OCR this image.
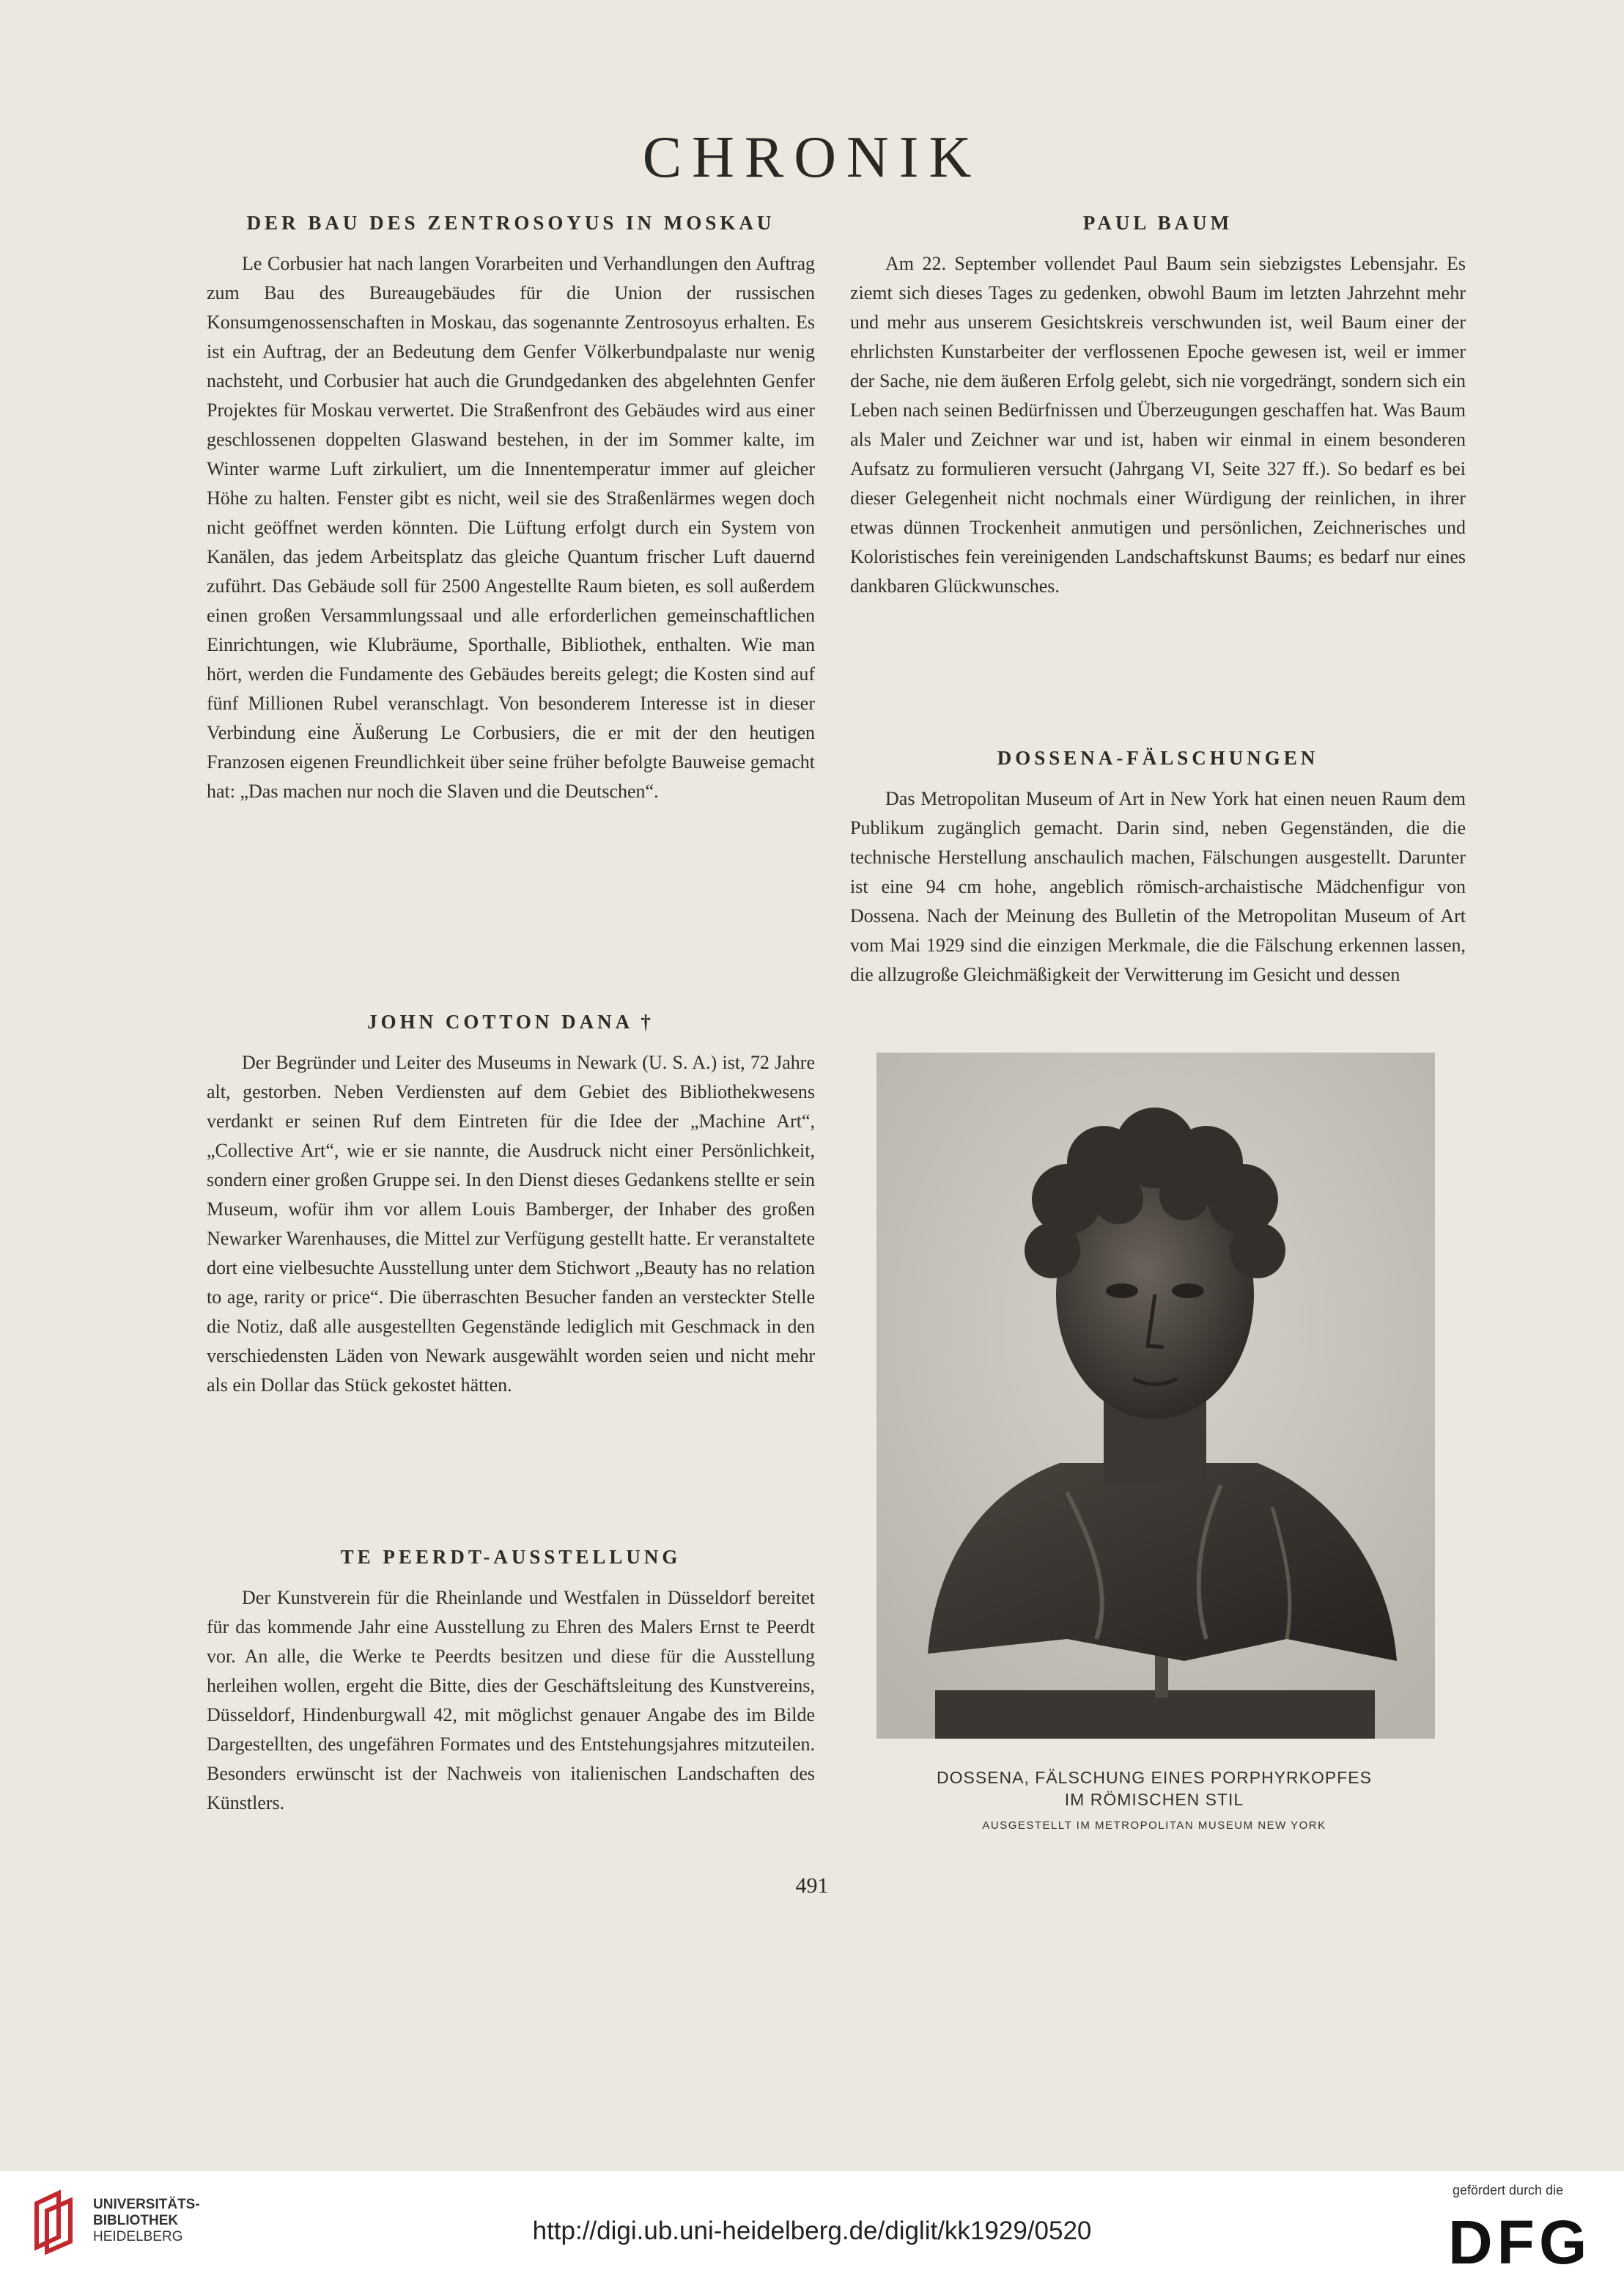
CHRONIK
DER BAU DES ZENTROSOYUS IN MOSKAU

Le Corbusier hat nach langen Vorarbeiten und Verhandlungen den Auftrag zum Bau des Bureaugebäudes für die Union der russischen Konsumgenossenschaften in Moskau, das sogenannte Zentrosoyus erhalten. Es ist ein Auftrag, der an Bedeutung dem Genfer Völkerbundpalaste nur wenig nachsteht, und Corbusier hat auch die Grundgedanken des abgelehnten Genfer Projektes für Moskau verwertet. Die Straßenfront des Gebäudes wird aus einer geschlossenen doppelten Glaswand bestehen, in der im Sommer kalte, im Winter warme Luft zirkuliert, um die Innentemperatur immer auf gleicher Höhe zu halten. Fenster gibt es nicht, weil sie des Straßenlärmes wegen doch nicht geöffnet werden könnten. Die Lüftung erfolgt durch ein System von Kanälen, das jedem Arbeitsplatz das gleiche Quantum frischer Luft dauernd zuführt. Das Gebäude soll für 2500 Angestellte Raum bieten, es soll außerdem einen großen Versammlungssaal und alle erforderlichen gemeinschaftlichen Einrichtungen, wie Klubräume, Sporthalle, Bibliothek, enthalten. Wie man hört, werden die Fundamente des Gebäudes bereits gelegt; die Kosten sind auf fünf Millionen Rubel veranschlagt. Von besonderem Interesse ist in dieser Verbindung eine Äußerung Le Corbusiers, die er mit der den heutigen Franzosen eigenen Freundlichkeit über seine früher befolgte Bauweise gemacht hat: „Das machen nur noch die Slaven und die Deutschen“.

JOHN COTTON DANA †

Der Begründer und Leiter des Museums in Newark (U. S. A.) ist, 72 Jahre alt, gestorben. Neben Verdiensten auf dem Gebiet des Bibliothekwesens verdankt er seinen Ruf dem Eintreten für die Idee der „Machine Art“, „Collective Art“, wie er sie nannte, die Ausdruck nicht einer Persönlichkeit, sondern einer großen Gruppe sei. In den Dienst dieses Gedankens stellte er sein Museum, wofür ihm vor allem Louis Bamberger, der Inhaber des großen Newarker Warenhauses, die Mittel zur Verfügung gestellt hatte. Er veranstaltete dort eine vielbesuchte Ausstellung unter dem Stichwort „Beauty has no relation to age, rarity or price“. Die überraschten Besucher fanden an versteckter Stelle die Notiz, daß alle ausgestellten Gegenstände lediglich mit Geschmack in den verschiedensten Läden von Newark ausgewählt worden seien und nicht mehr als ein Dollar das Stück gekostet hätten.

TE PEERDT-AUSSTELLUNG

Der Kunstverein für die Rheinlande und Westfalen in Düsseldorf bereitet für das kommende Jahr eine Ausstellung zu Ehren des Malers Ernst te Peerdt vor. An alle, die Werke te Peerdts besitzen und diese für die Ausstellung herleihen wollen, ergeht die Bitte, dies der Geschäftsleitung des Kunstvereins, Düsseldorf, Hindenburgwall 42, mit möglichst genauer Angabe des im Bilde Dargestellten, des ungefähren Formates und des Entstehungsjahres mitzuteilen. Besonders erwünscht ist der Nachweis von italienischen Landschaften des Künstlers.

PAUL BAUM

Am 22. September vollendet Paul Baum sein siebzigstes Lebensjahr. Es ziemt sich dieses Tages zu gedenken, obwohl Baum im letzten Jahrzehnt mehr und mehr aus unserem Gesichtskreis verschwunden ist, weil Baum einer der ehrlichsten Kunstarbeiter der verflossenen Epoche gewesen ist, weil er immer der Sache, nie dem äußeren Erfolg gelebt, sich nie vorgedrängt, sondern sich ein Leben nach seinen Bedürfnissen und Überzeugungen geschaffen hat. Was Baum als Maler und Zeichner war und ist, haben wir einmal in einem besonderen Aufsatz zu formulieren versucht (Jahrgang VI, Seite 327 ff.). So bedarf es bei dieser Gelegenheit nicht nochmals einer Würdigung der reinlichen, in ihrer etwas dünnen Trockenheit anmutigen und persönlichen, Zeichnerisches und Koloristisches fein vereinigenden Landschaftskunst Baums; es bedarf nur eines dankbaren Glückwunsches.

DOSSENA-FÄLSCHUNGEN

Das Metropolitan Museum of Art in New York hat einen neuen Raum dem Publikum zugänglich gemacht. Darin sind, neben Gegenständen, die die technische Herstellung anschaulich machen, Fälschungen ausgestellt. Darunter ist eine 94 cm hohe, angeblich römisch-archaistische Mädchenfigur von Dossena. Nach der Meinung des Bulletin of the Metropolitan Museum of Art vom Mai 1929 sind die einzigen Merkmale, die die Fälschung erkennen lassen, die allzugroße Gleichmäßigkeit der Verwitterung im Gesicht und dessen

DOSSENA, FÄLSCHUNG EINES PORPHYRKOPFES
IM RÖMISCHEN STIL
AUSGESTELLT IM METROPOLITAN MUSEUM NEW YORK
491
UNIVERSITÄTS-
BIBLIOTHEK
HEIDELBERG	http://digi.ub.uni-heidelberg.de/diglit/kk1929/0520
gefördert durch die
DFG
